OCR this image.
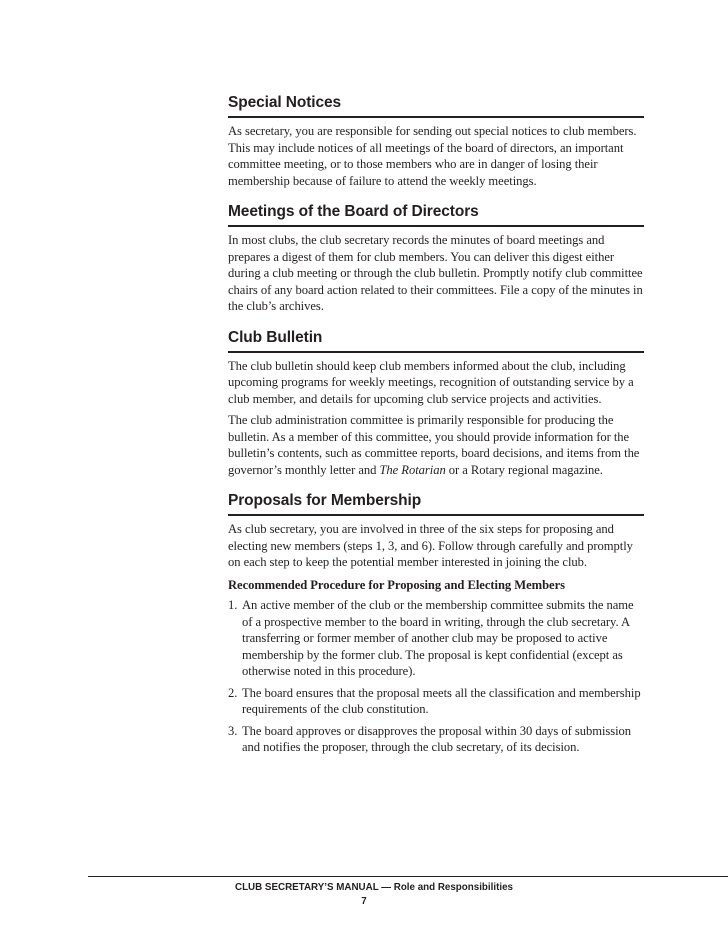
Special Notices

As secretary, you are responsible for sending out special notices to club members. This may include notices of all meetings of the board of directors, an important committee meeting, or to those members who are in danger of losing their membership because of failure to attend the weekly meetings.

Meetings of the Board of Directors

In most clubs, the club secretary records the minutes of board meetings and prepares a digest of them for club members. You can deliver this digest either during a club meeting or through the club bulletin. Promptly notify club committee chairs of any board action related to their committees. File a copy of the minutes in the club’s archives.

Club Bulletin

The club bulletin should keep club members informed about the club, including upcoming programs for weekly meetings, recognition of outstanding service by a club member, and details for upcoming club service projects and activities.

The club administration committee is primarily responsible for producing the bulletin. As a member of this committee, you should provide information for the bulletin’s contents, such as committee reports, board decisions, and items from the governor’s monthly letter and The Rotarian or a Rotary regional magazine.

Proposals for Membership

As club secretary, you are involved in three of the six steps for proposing and electing new members (steps 1, 3, and 6). Follow through carefully and promptly on each step to keep the potential member interested in joining the club.

Recommended Procedure for Proposing and Electing Members

1. An active member of the club or the membership committee submits the name of a prospective member to the board in writing, through the club secretary. A transferring or former member of another club may be proposed to active membership by the former club. The proposal is kept confidential (except as otherwise noted in this procedure).
2. The board ensures that the proposal meets all the classification and membership requirements of the club constitution.
3. The board approves or disapproves the proposal within 30 days of submission and notifies the proposer, through the club secretary, of its decision.
CLUB SECRETARY’S MANUAL — Role and Responsibilities
7
